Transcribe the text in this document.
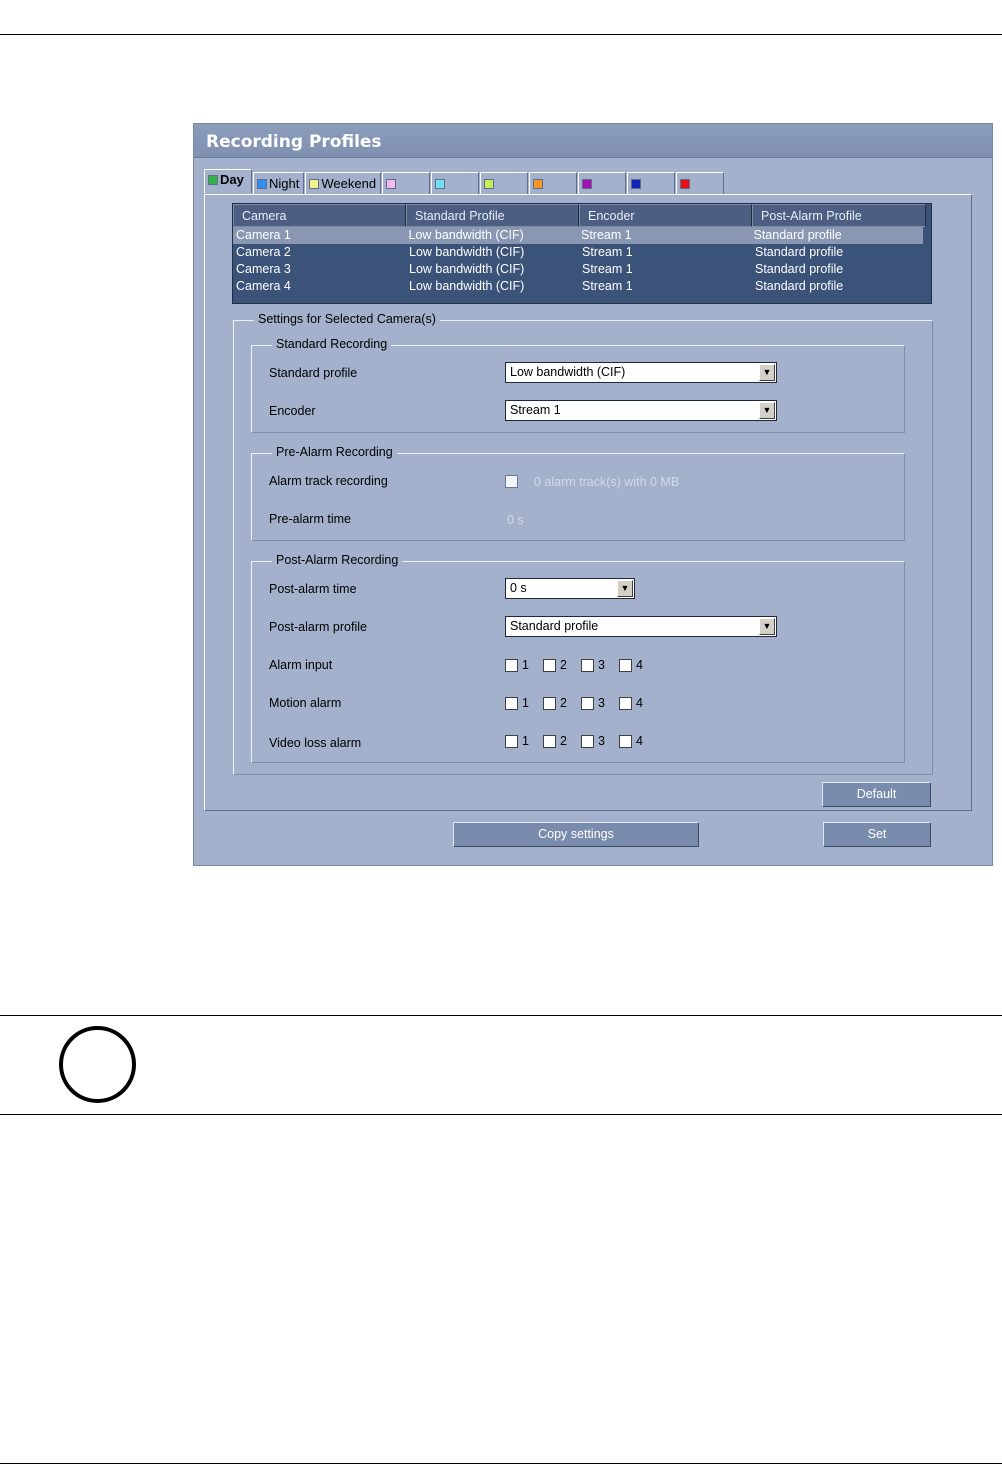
Recording Profiles
Day Night Weekend
Camera	Standard Profile	Encoder	Post-Alarm Profile
Camera 1	Low bandwidth (CIF)	Stream 1	Standard profile
Camera 2	Low bandwidth (CIF)	Stream 1	Standard profile
Camera 3	Low bandwidth (CIF)	Stream 1	Standard profile
Camera 4	Low bandwidth (CIF)	Stream 1	Standard profile
Settings for Selected Camera(s)
Standard Recording
Standard profile	Low bandwidth (CIF)	▼
Encoder	Stream 1	▼
Pre-Alarm Recording
Alarm track recording	0 alarm track(s) with 0 MB
Pre-alarm time	0 s
Post-Alarm Recording
Post-alarm time	0 s	▼
Post-alarm profile	Standard profile	▼
Alarm input	1 2 3 4
Motion alarm	1 2 3 4
Video loss alarm	1 2 3 4
Default
Copy settings	Set
